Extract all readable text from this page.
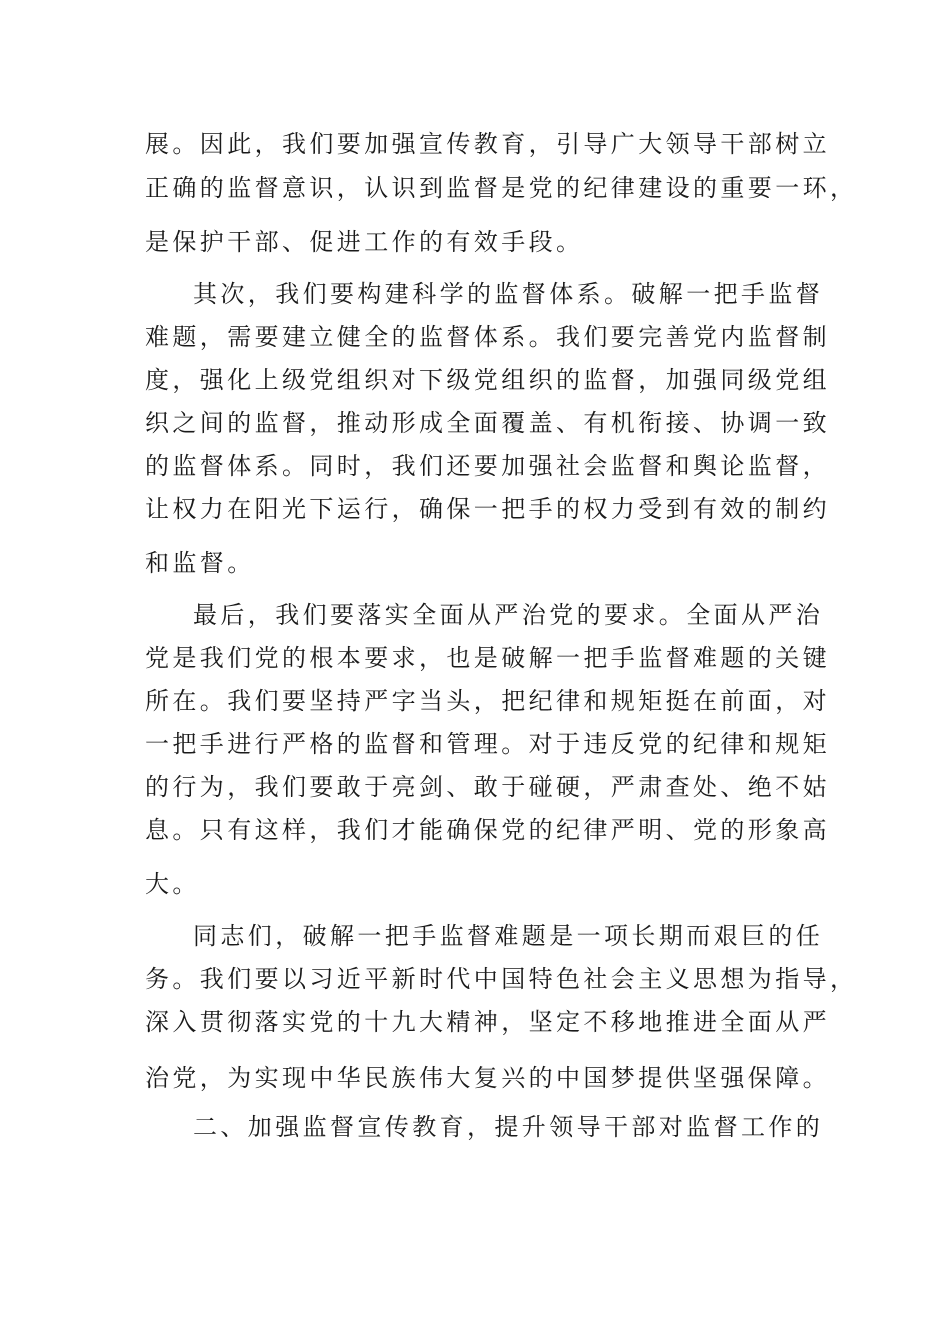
展。因此，我们要加强宣传教育，引导广大领导干部树立
正确的监督意识，认识到监督是党的纪律建设的重要一环，
是保护干部、促进工作的有效手段。
其次，我们要构建科学的监督体系。破解一把手监督
难题，需要建立健全的监督体系。我们要完善党内监督制
度，强化上级党组织对下级党组织的监督，加强同级党组
织之间的监督，推动形成全面覆盖、有机衔接、协调一致
的监督体系。同时，我们还要加强社会监督和舆论监督，
让权力在阳光下运行，确保一把手的权力受到有效的制约
和监督。
最后，我们要落实全面从严治党的要求。全面从严治
党是我们党的根本要求，也是破解一把手监督难题的关键
所在。我们要坚持严字当头，把纪律和规矩挺在前面，对
一把手进行严格的监督和管理。对于违反党的纪律和规矩
的行为，我们要敢于亮剑、敢于碰硬，严肃查处、绝不姑
息。只有这样，我们才能确保党的纪律严明、党的形象高
大。
同志们，破解一把手监督难题是一项长期而艰巨的任
务。我们要以习近平新时代中国特色社会主义思想为指导，
深入贯彻落实党的十九大精神，坚定不移地推进全面从严
治党，为实现中华民族伟大复兴的中国梦提供坚强保障。
二、加强监督宣传教育，提升领导干部对监督工作的
